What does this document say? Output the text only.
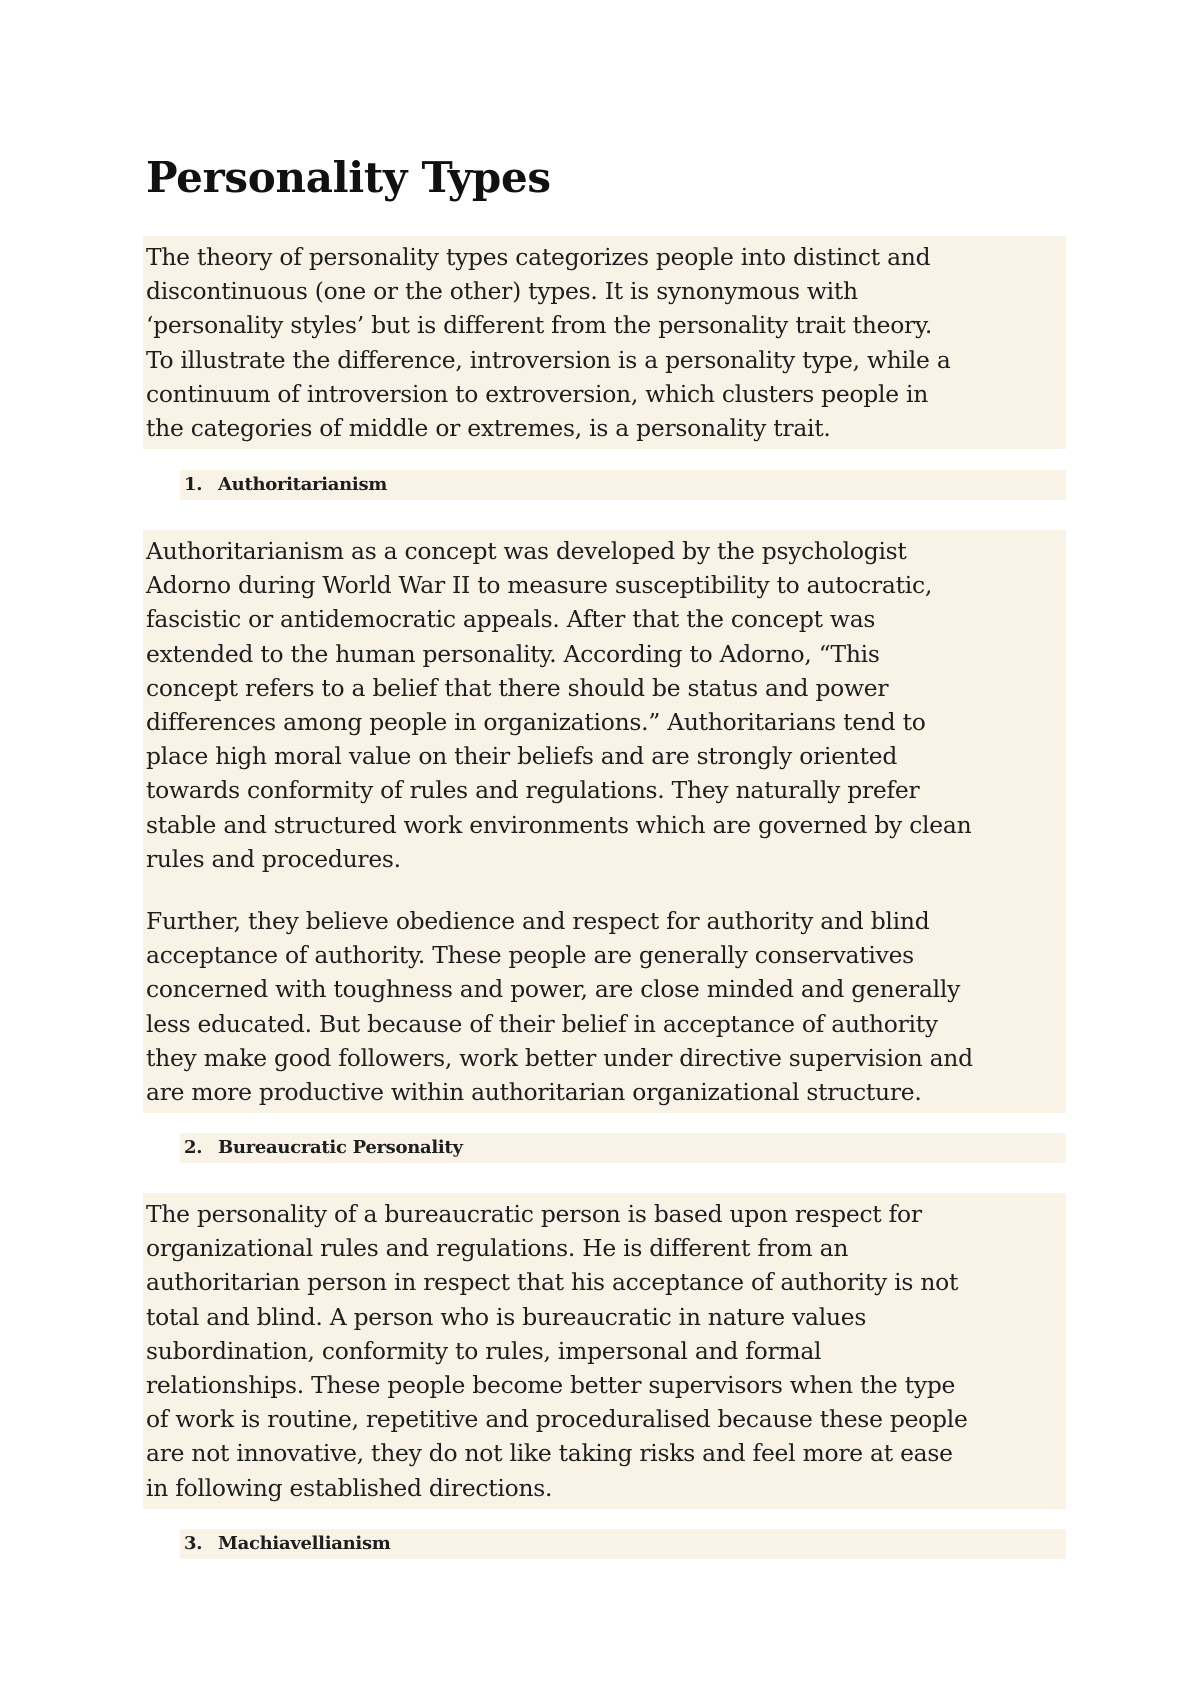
Personality Types

The theory of personality types categorizes people into distinct and
discontinuous (one or the other) types. It is synonymous with
‘personality styles’ but is different from the personality trait theory.
To illustrate the difference, introversion is a personality type, while a
continuum of introversion to extroversion, which clusters people in
the categories of middle or extremes, is a personality trait.

1. Authoritarianism

Authoritarianism as a concept was developed by the psychologist
Adorno during World War II to measure susceptibility to autocratic,
fascistic or antidemocratic appeals. After that the concept was
extended to the human personality. According to Adorno, “This
concept refers to a belief that there should be status and power
differences among people in organizations.” Authoritarians tend to
place high moral value on their beliefs and are strongly oriented
towards conformity of rules and regulations. They naturally prefer
stable and structured work environments which are governed by clean
rules and procedures.

Further, they believe obedience and respect for authority and blind
acceptance of authority. These people are generally conservatives
concerned with toughness and power, are close minded and generally
less educated. But because of their belief in acceptance of authority
they make good followers, work better under directive supervision and
are more productive within authoritarian organizational structure.

2. Bureaucratic Personality

The personality of a bureaucratic person is based upon respect for
organizational rules and regulations. He is different from an
authoritarian person in respect that his acceptance of authority is not
total and blind. A person who is bureaucratic in nature values
subordination, conformity to rules, impersonal and formal
relationships. These people become better supervisors when the type
of work is routine, repetitive and proceduralised because these people
are not innovative, they do not like taking risks and feel more at ease
in following established directions.

3. Machiavellianism
